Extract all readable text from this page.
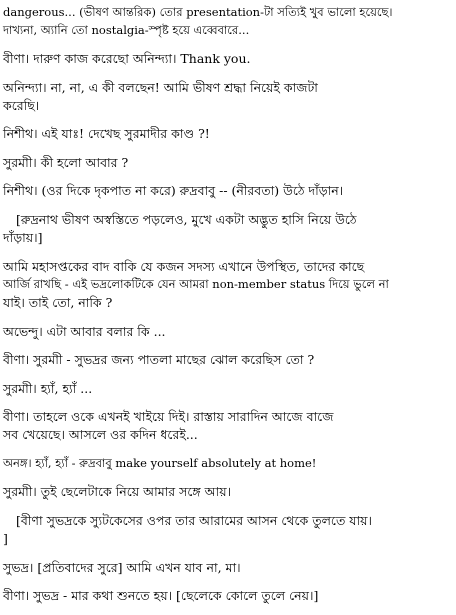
dangerous... (ভীষণ আন্তরিক) তোর presentation-টা সত্যিই খুব ভালো হয়েছে।
দাখ্যনা, অ্যানি তো nostalgia-স্পৃষ্ট হয়ে এব্বেবারে...
বীণা। দারুণ কাজ করেছো অনিন্দ্যা। Thank you.
অনিন্দ্যা। না, না, এ কী বলছেন! আমি ভীষণ শ্রদ্ধা নিয়েই কাজটা
করেছি।
নিশীথ। এই যাঃ! দেখেছ সুরমাদীর কাণ্ড ?!
সুরমাী। কী হলো আবার ?
নিশীথ। (ওর দিকে দৃকপাত না করে) রুদ্রবাবু -- (নীরবতা) উঠে দাঁড়ান।
[রুদ্রনাথ ভীষণ অস্বস্তিতে পড়লেও, মুখে একটা অদ্ভুত হাসি নিয়ে উঠে
দাঁড়ায়।]
আমি মহাসপ্তকের বাদ বাকি যে কজন সদস্য এখানে উপস্থিত, তাদের কাছে
আর্জি রাখছি - এই ভদ্রলোকটিকে যেন আমরা non-member status দিয়ে ভুলে না
যাই। তাই তো, নাকি ?
অভেন্দু। এটা আবার বলার কি ...
বীণা। সুরমাী - সুভদ্রর জন্য পাতলা মাছের ঝোল করেছিস তো ?
সুরমাী। হ্যাঁ, হ্যাঁ ...
বীণা। তাহলে ওকে এখনই খাইয়ে দিই। রাস্তায় সারাদিন আজে বাজে
সব খেয়েছে। আসলে ওর কদিন ধরেই...
অনঙ্গ। হ্যাঁ, হ্যাঁ - রুদ্রবাবু make yourself absolutely at home!
সুরমাী। তুই ছেলেটাকে নিয়ে আমার সঙ্গে আয়।
[বীণা সুভদ্রকে স্যুটকেসের ওপর তার আরামের আসন থেকে তুলতে যায়।
]
সুভদ্র। [প্রতিবাদের সুরে] আমি এখন যাব না, মা।
বীণা। সুভদ্র - মার কথা শুনতে হয়। [ছেলেকে কোলে তুলে নেয়।]
